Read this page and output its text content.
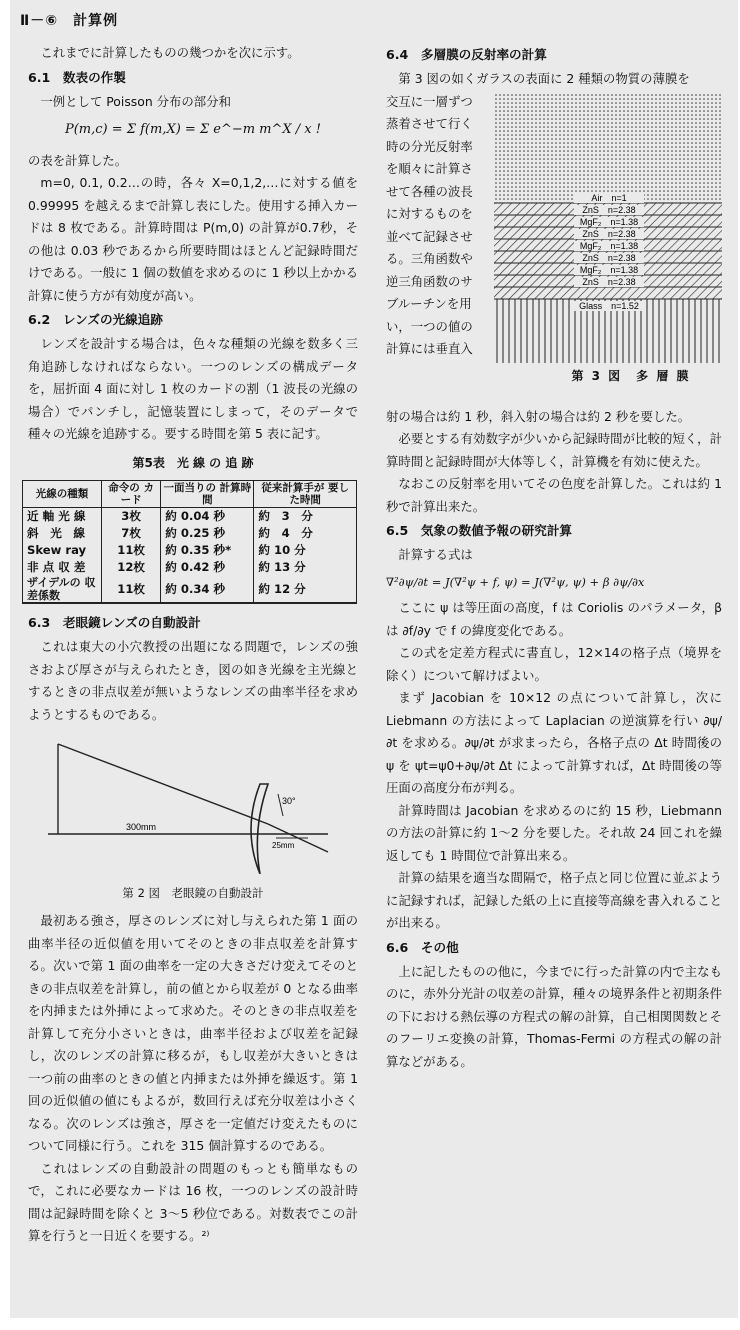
Ⅱ－⑥　計算例

これまでに計算したものの幾つかを次に示す。

6.1　数表の作製

一例として Poisson 分布の部分和

P(m,c) = Σ f(m,X) = Σ e^−m m^X / x !

の表を計算した。

m=0, 0.1, 0.2…の時，各々 X=0,1,2,…に対する値を 0.99995 を越えるまで計算し表にした。使用する挿入カードは 8 枚である。計算時間は P(m,0) の計算が0.7秒，その他は 0.03 秒であるから所要時間はほとんど記録時間だけである。一般に 1 個の数値を求めるのに 1 秒以上かかる計算に使う方が有効度が高い。

6.2　レンズの光線追跡

レンズを設計する場合は，色々な種類の光線を数多く三角追跡しなければならない。一つのレンズの構成データを，屈折面 4 面に対し 1 枚のカードの割（1 波長の光線の場合）でパンチし，記憶装置にしまって，そのデータで種々の光線を追跡する。要する時間を第 5 表に記す。

第5表　光 線 の 追 跡
光線の種類	命令の カード	一面当りの 計算時間	従来計算手が 要した時間
近 軸 光 線	3枚	約 0.04 秒	約　3　分
斜　光　線	7枚	約 0.25 秒	約　4　分
Skew ray	11枚	約 0.35 秒*	約 10 分
非 点 収 差	12枚	約 0.42 秒	約 13 分
ザイデルの 収差係数	11枚	約 0.34 秒	約 12 分
6.3　老眼鏡レンズの自動設計

これは東大の小穴教授の出題になる問題で，レンズの強さおよび厚さが与えられたとき，図の如き光線を主光線とするときの非点収差が無いようなレンズの曲率半径を求めようとするものである。

300mm
30°
25mm
第 2 図　老眼鏡の自動設計

最初ある強さ，厚さのレンズに対し与えられた第 1 面の曲率半径の近似値を用いてそのときの非点収差を計算する。次いで第 1 面の曲率を一定の大きさだけ変えてそのときの非点収差を計算し，前の値とから収差が 0 となる曲率を内挿または外挿によって求めた。そのときの非点収差を計算して充分小さいときは，曲率半径および収差を記録し，次のレンズの計算に移るが，もし収差が大きいときは一つ前の曲率のときの値と内挿または外挿を繰返す。第 1 回の近似値の値にもよるが，数回行えば充分収差は小さくなる。次のレンズは強さ，厚さを一定値だけ変えたものについて同様に行う。これを 315 個計算するのである。

これはレンズの自動設計の問題のもっとも簡単なもので，これに必要なカードは 16 枚，一つのレンズの設計時間は記録時間を除くと 3〜5 秒位である。対数表でこの計算を行うと一日近くを要する。²⁾

6.4　多層膜の反射率の計算

第 3 図の如くガラスの表面に 2 種類の物質の薄膜を

交互に一層ずつ

蒸着させて行く

時の分光反射率

を順々に計算さ

せて各種の波長

に対するものを

並べて記録させ

る。三角函数や

逆三角函数のサ

ブルーチンを用

い，一つの値の

計算には垂直入

Air　n=1
ZnS　n=2.38
MgF₂　n=1.38
ZnS　n=2.38
MgF₂　n=1.38
ZnS　n=2.38
MgF₂　n=1.38
ZnS　n=2.38
Glass　n=1.52
第 3 図　多 層 膜

射の場合は約 1 秒，斜入射の場合は約 2 秒を要した。

必要とする有効数字が少いから記録時間が比較的短く，計算時間と記録時間が大体等しく，計算機を有効に使えた。

なおこの反射率を用いてその色度を計算した。これは約 1 秒で計算出来た。

6.5　気象の数値予報の研究計算

計算する式は

∇²∂ψ/∂t = J(∇²ψ + f, ψ) = J(∇²ψ, ψ) + β ∂ψ/∂x

ここに ψ は等圧面の高度，f は Coriolis のパラメータ，β は ∂f/∂y で f の緯度変化である。

この式を定差方程式に書直し，12×14の格子点（境界を除く）について解けばよい。

まず Jacobian を 10×12 の点について計算し，次に Liebmann の方法によって Laplacian の逆演算を行い ∂ψ/∂t を求める。∂ψ/∂t が求まったら，各格子点の Δt 時間後の ψ を ψt=ψ0+∂ψ/∂t Δt によって計算すれば，Δt 時間後の等圧面の高度分布が判る。

計算時間は Jacobian を求めるのに約 15 秒，Liebmann の方法の計算に約 1〜2 分を要した。それ故 24 回これを繰返しても 1 時間位で計算出来る。

計算の結果を適当な間隔で，格子点と同じ位置に並ぶように記録すれば，記録した紙の上に直接等高線を書入れることが出来る。

6.6　その他

上に記したものの他に，今までに行った計算の内で主なものに，赤外分光計の収差の計算，種々の境界条件と初期条件の下における熱伝導の方程式の解の計算，自己相関関数とそのフーリエ変換の計算，Thomas-Fermi の方程式の解の計算などがある。
